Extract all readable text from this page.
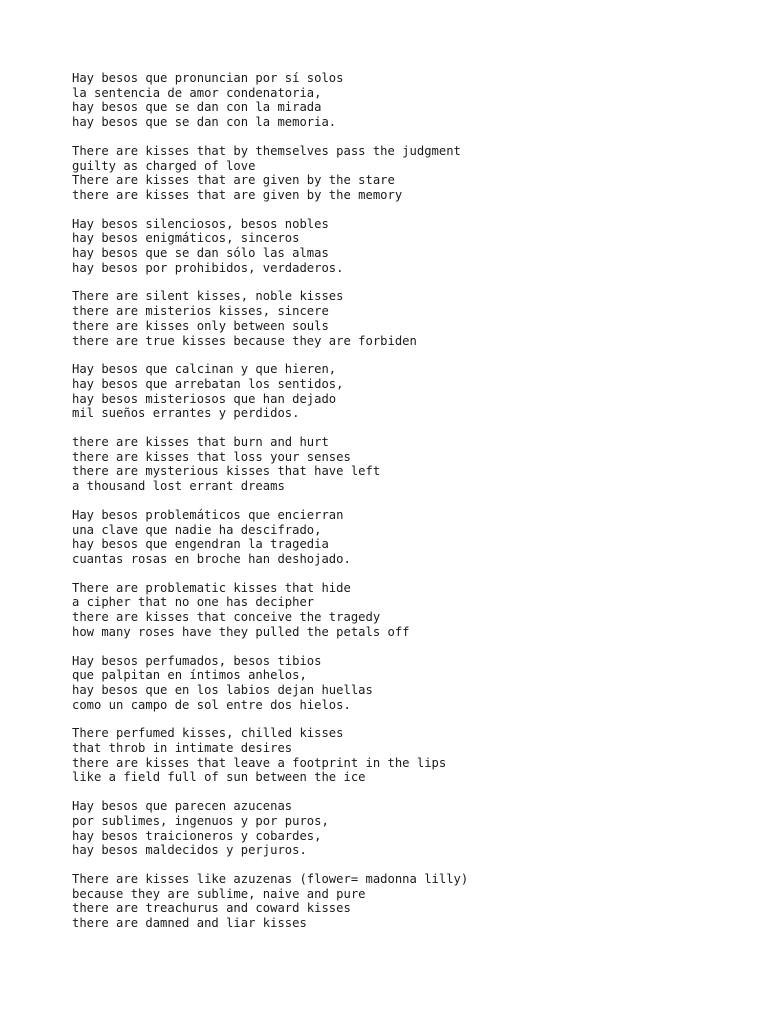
Hay besos que pronuncian por sí solos
la sentencia de amor condenatoria,
hay besos que se dan con la mirada
hay besos que se dan con la memoria.
There are kisses that by themselves pass the judgment
guilty as charged of love
There are kisses that are given by the stare
there are kisses that are given by the memory
Hay besos silenciosos, besos nobles
hay besos enigmáticos, sinceros
hay besos que se dan sólo las almas
hay besos por prohibidos, verdaderos.
There are silent kisses, noble kisses
there are misterios kisses, sincere
there are kisses only between souls
there are true kisses because they are forbiden
Hay besos que calcinan y que hieren,
hay besos que arrebatan los sentidos,
hay besos misteriosos que han dejado
mil sueños errantes y perdidos.
there are kisses that burn and hurt
there are kisses that loss your senses
there are mysterious kisses that have left
a thousand lost errant dreams
Hay besos problemáticos que encierran
una clave que nadie ha descifrado,
hay besos que engendran la tragedia
cuantas rosas en broche han deshojado.
There are problematic kisses that hide
a cipher that no one has decipher
there are kisses that conceive the tragedy
how many roses have they pulled the petals off
Hay besos perfumados, besos tibios
que palpitan en íntimos anhelos,
hay besos que en los labios dejan huellas
como un campo de sol entre dos hielos.
There perfumed kisses, chilled kisses
that throb in intimate desires
there are kisses that leave a footprint in the lips
like a field full of sun between the ice
Hay besos que parecen azucenas
por sublimes, ingenuos y por puros,
hay besos traicioneros y cobardes,
hay besos maldecidos y perjuros.
There are kisses like azuzenas (flower= madonna lilly)
because they are sublime, naive and pure
there are treachurus and coward kisses
there are damned and liar kisses
